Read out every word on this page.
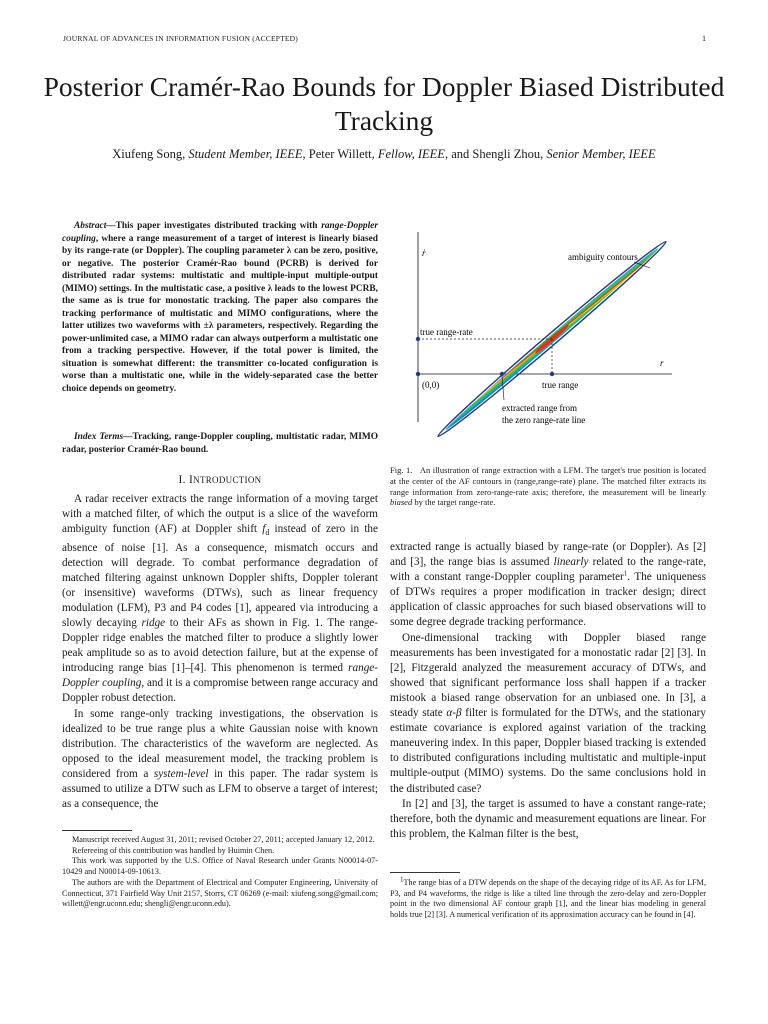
JOURNAL OF ADVANCES IN INFORMATION FUSION (ACCEPTED)	1
Posterior Cramér-Rao Bounds for Doppler Biased Distributed Tracking
Xiufeng Song, Student Member, IEEE, Peter Willett, Fellow, IEEE, and Shengli Zhou, Senior Member, IEEE
Abstract—This paper investigates distributed tracking with range-Doppler coupling, where a range measurement of a target of interest is linearly biased by its range-rate (or Doppler). The coupling parameter λ can be zero, positive, or negative. The posterior Cramér-Rao bound (PCRB) is derived for distributed radar systems: multistatic and multiple-input multiple-output (MIMO) settings. In the multistatic case, a positive λ leads to the lowest PCRB, the same as is true for monostatic tracking. The paper also compares the tracking performance of multistatic and MIMO configurations, where the latter utilizes two waveforms with ±λ parameters, respectively. Regarding the power-unlimited case, a MIMO radar can always outperform a multistatic one from a tracking perspective. However, if the total power is limited, the situation is somewhat different: the transmitter co-located configuration is worse than a multistatic one, while in the widely-separated case the better choice depends on geometry.
Index Terms—Tracking, range-Doppler coupling, multistatic radar, MIMO radar, posterior Cramér-Rao bound.
I. INTRODUCTION

A radar receiver extracts the range information of a moving target with a matched filter, of which the output is a slice of the waveform ambiguity function (AF) at Doppler shift $f_d$ instead of zero in the absence of noise [1]. As a consequence, mismatch occurs and detection will degrade. To combat performance degradation of matched filtering against unknown Doppler shifts, Doppler tolerant (or insensitive) waveforms (DTWs), such as linear frequency modulation (LFM), P3 and P4 codes [1], appeared via introducing a slowly decaying ridge to their AFs as shown in Fig. 1. The range-Doppler ridge enables the matched filter to produce a slightly lower peak amplitude so as to avoid detection failure, but at the expense of introducing range bias [1]–[4]. This phenomenon is termed range-Doppler coupling, and it is a compromise between range accuracy and Doppler robust detection.

In some range-only tracking investigations, the observation is idealized to be true range plus a white Gaussian noise with known distribution. The characteristics of the waveform are neglected. As opposed to the ideal measurement model, the tracking problem is considered from a system-level in this paper. The radar system is assumed to utilize a DTW such as LFM to observe a target of interest; as a consequence, the

Manuscript received August 31, 2011; revised October 27, 2011; accepted January 12, 2012.

Refereeing of this contribution was handled by Huimin Chen.

This work was supported by the U.S. Office of Naval Research under Grants N00014-07-10429 and N00014-09-10613.

The authors are with the Department of Electrical and Computer Engineering, University of Connecticut, 371 Fairfield Way Unit 2157, Storrs, CT 06269 (e-mail: xiufeng.song@gmail.com; willett@engr.uconn.edu; shengli@engr.uconn.edu).

ṙ
r
ambiguity contours
true range-rate
(0,0)	true range
extracted range from
the zero range-rate line
Fig. 1. An illustration of range extraction with a LFM. The target's true position is located at the center of the AF contours in (range,range-rate) plane. The matched filter extracts its range information from zero-range-rate axis; therefore, the measurement will be linearly biased by the target range-rate.

extracted range is actually biased by range-rate (or Doppler). As [2] and [3], the range bias is assumed linearly related to the range-rate, with a constant range-Doppler coupling parameter$^1$. The uniqueness of DTWs requires a proper modification in tracker design; direct application of classic approaches for such biased observations will to some degree degrade tracking performance.

One-dimensional tracking with Doppler biased range measurements has been investigated for a monostatic radar [2] [3]. In [2], Fitzgerald analyzed the measurement accuracy of DTWs, and showed that significant performance loss shall happen if a tracker mistook a biased range observation for an unbiased one. In [3], a steady state α-β filter is formulated for the DTWs, and the stationary estimate covariance is explored against variation of the tracking maneuvering index. In this paper, Doppler biased tracking is extended to distributed configurations including multistatic and multiple-input multiple-output (MIMO) systems. Do the same conclusions hold in the distributed case?

In [2] and [3], the target is assumed to have a constant range-rate; therefore, both the dynamic and measurement equations are linear. For this problem, the Kalman filter is the best,

$^1$The range bias of a DTW depends on the shape of the decaying ridge of its AF. As for LFM, P3, and P4 waveforms, the ridge is like a tilted line through the zero-delay and zero-Doppler point in the two dimensional AF contour graph [1], and the linear bias modeling in general holds true [2] [3]. A numerical verification of its approximation accuracy can be found in [4].
